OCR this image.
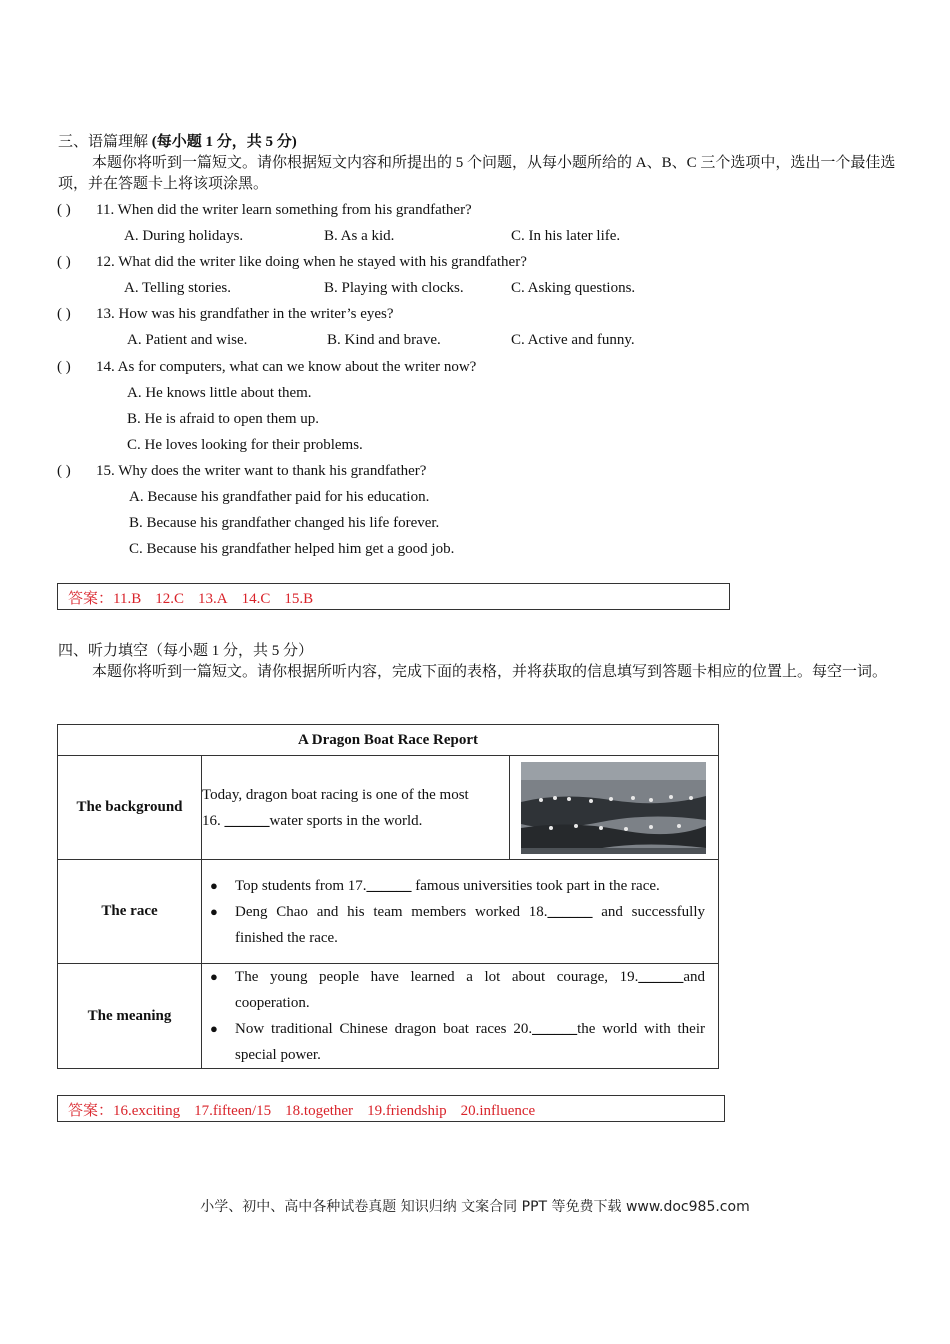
三、语篇理解 (每小题 1 分，共 5 分)
本题你将听到一篇短文。请你根据短文内容和所提出的 5 个问题，从每小题所给的 A、B、C 三个选项中，选出一个最佳选项，并在答题卡上将该项涂黑。
( ) 11. When did the writer learn something from his grandfather?
A. During holidays.	B. As a kid.	C. In his later life.
( ) 12. What did the writer like doing when he stayed with his grandfather?
A. Telling stories.	B. Playing with clocks.	C. Asking questions.
( ) 13. How was his grandfather in the writer’s eyes?
A. Patient and wise.	B. Kind and brave.	C. Active and funny.
( ) 14. As for computers, what can we know about the writer now?
A. He knows little about them.
B. He is afraid to open them up.
C. He loves looking for their problems.
( ) 15. Why does the writer want to thank his grandfather?
A. Because his grandfather paid for his education.
B. Because his grandfather changed his life forever.
C. Because his grandfather helped him get a good job.
答案：11.B 12.C 13.A 14.C 15.B
四、听力填空（每小题 1 分，共 5 分）
本题你将听到一篇短文。请你根据所听内容，完成下面的表格，并将获取的信息填写到答题卡相应的位置上。每空一词。
A Dragon Boat Race Report		
The background	Today, dragon boat racing is one of the most
16. ______water sports in the world.

The race	● Top students from 17.______ famous universities took part in the race.
● Deng Chao and his team members worked 18.______ and successfully finished the race.

The meaning	● The young people have learned a lot about courage, 19.______and cooperation.
● Now traditional Chinese dragon boat races 20.______the world with their special power.
答案：16.exciting 17.fifteen/15 18.together 19.friendship 20.influence
小学、初中、高中各种试卷真题 知识归纳 文案合同 PPT 等免费下载 www.doc985.com
